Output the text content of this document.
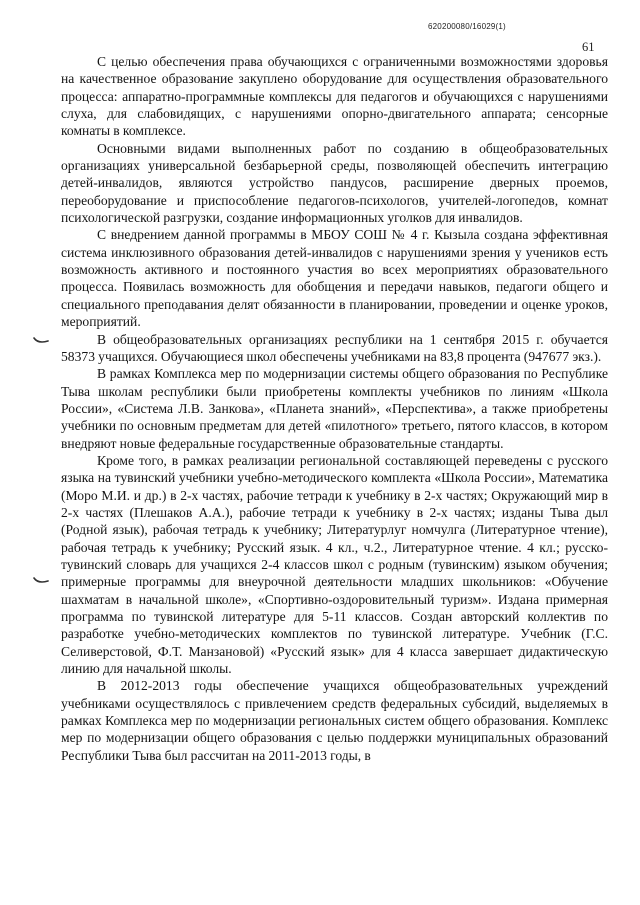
620200080/16029(1)
61

С целью обеспечения права обучающихся с ограниченными возможностями здоровья на качественное образование закуплено оборудование для осуществления образовательного процесса: аппаратно-программные комплексы для педагогов и обучающихся с нарушениями слуха, для слабовидящих, с нарушениями опорно-двигательного аппарата; сенсорные комнаты в комплексе.

Основными видами выполненных работ по созданию в общеобразовательных организациях универсальной безбарьерной среды, позволяющей обеспечить интеграцию детей-инвалидов, являются устройство пандусов, расширение дверных проемов, переоборудование и приспособление педагогов-психологов, учителей-логопедов, комнат психологической разгрузки, создание информационных уголков для инвалидов.

С внедрением данной программы в МБОУ СОШ № 4 г. Кызыла создана эффективная система инклюзивного образования детей-инвалидов с нарушениями зрения у учеников есть возможность активного и постоянного участия во всех мероприятиях образовательного процесса. Появилась возможность для обобщения и передачи навыков, педагоги общего и специального преподавания делят обязанности в планировании, проведении и оценке уроков, мероприятий.

В общеобразовательных организациях республики на 1 сентября 2015 г. обучается 58373 учащихся. Обучающиеся школ обеспечены учебниками на 83,8 процента (947677 экз.).

В рамках Комплекса мер по модернизации системы общего образования по Республике Тыва школам республики были приобретены комплекты учебников по линиям «Школа России», «Система Л.В. Занкова», «Планета знаний», «Перспектива», а также приобретены учебники по основным предметам для детей «пилотного» третьего, пятого классов, в котором внедряют новые федеральные государственные образовательные стандарты.

Кроме того, в рамках реализации региональной составляющей переведены с русского языка на тувинский учебники учебно-методического комплекта «Школа России», Математика (Моро М.И. и др.) в 2-х частях, рабочие тетради к учебнику в 2-х частях; Окружающий мир в 2-х частях (Плешаков А.А.), рабочие тетради к учебнику в 2-х частях; изданы Тыва дыл (Родной язык), рабочая тетрадь к учебнику; Литературлуг номчулга (Литературное чтение), рабочая тетрадь к учебнику; Русский язык. 4 кл., ч.2., Литературное чтение. 4 кл.; русско-тувинский словарь для учащихся 2-4 классов школ с родным (тувинским) языком обучения; примерные программы для внеурочной деятельности младших школьников: «Обучение шахматам в начальной школе», «Спортивно-оздоровительный туризм». Издана примерная программа по тувинской литературе для 5-11 классов. Создан авторский коллектив по разработке учебно-методических комплектов по тувинской литературе. Учебник (Г.С. Селиверстовой, Ф.Т. Манзановой) «Русский язык» для 4 класса завершает дидактическую линию для начальной школы.

В 2012-2013 годы обеспечение учащихся общеобразовательных учреждений учебниками осуществлялось с привлечением средств федеральных субсидий, выделяемых в рамках Комплекса мер по модернизации региональных систем общего образования. Комплекс мер по модернизации общего образования с целью поддержки муниципальных образований Республики Тыва был рассчитан на 2011-2013 годы, в
